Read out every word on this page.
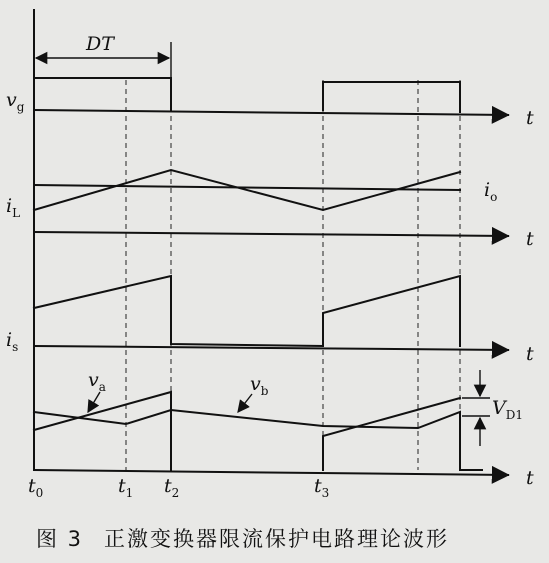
DT
$v_g$	t
$i_L$
$i_o$
t
$i_s$	t
$v_a$	$v_b$
$V_{D1}$
t
$t_0$	$t_1$ $t_2$	$t_3$
图 3 正激变换器限流保护电路理论波形
